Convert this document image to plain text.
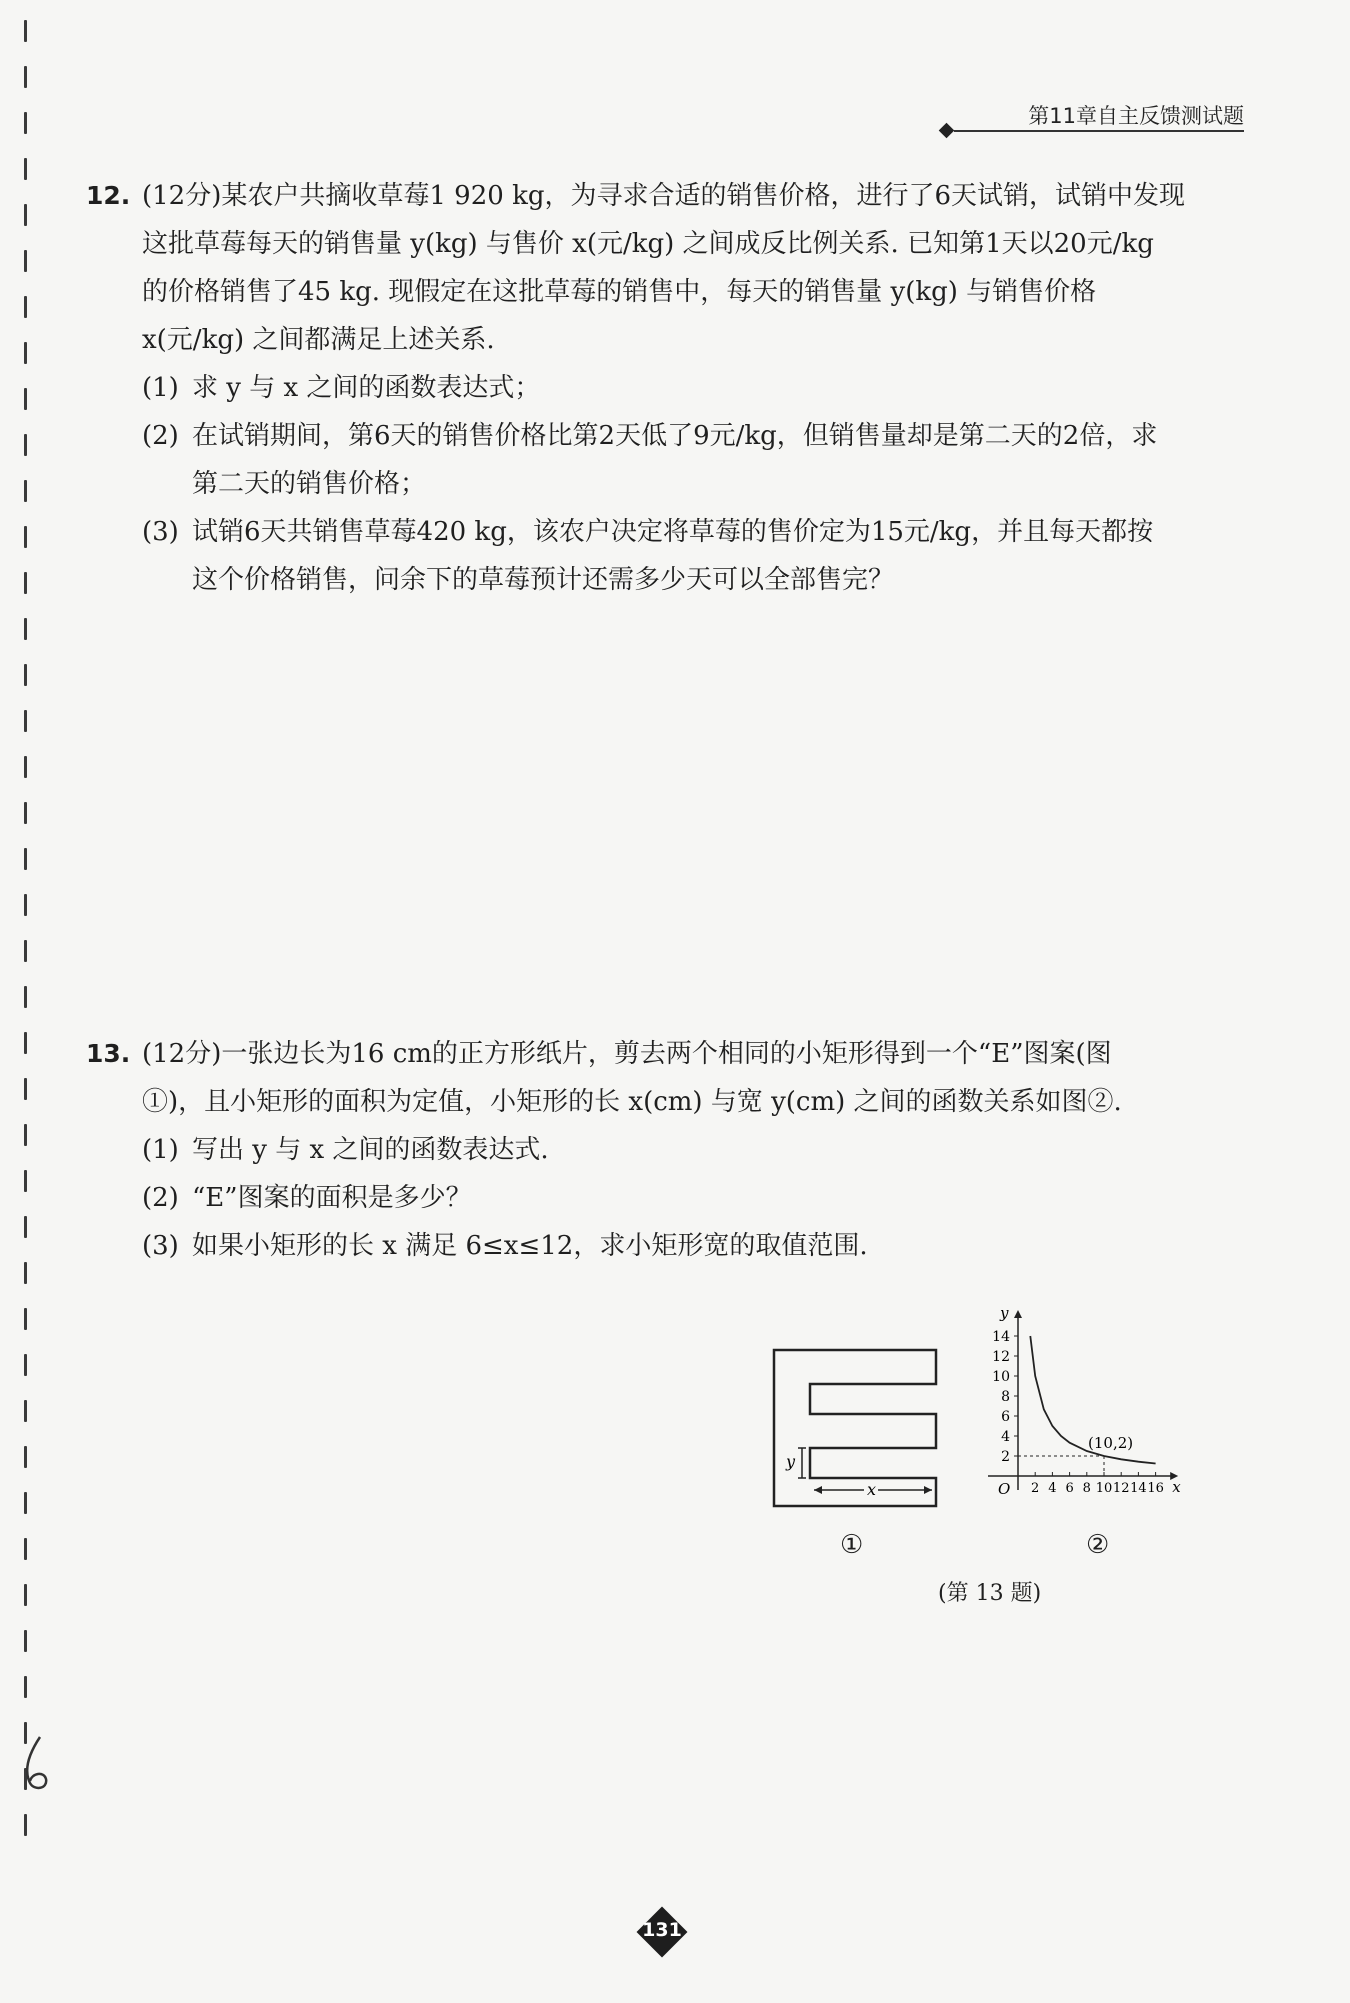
第11章自主反馈测试题
12. (12分)某农户共摘收草莓1 920 kg，为寻求合适的销售价格，进行了6天试销，试销中发现
这批草莓每天的销售量 y(kg) 与售价 x(元/kg) 之间成反比例关系. 已知第1天以20元/kg
的价格销售了45 kg. 现假定在这批草莓的销售中，每天的销售量 y(kg) 与销售价格
x(元/kg) 之间都满足上述关系.
(1) 求 y 与 x 之间的函数表达式；
(2) 在试销期间，第6天的销售价格比第2天低了9元/kg，但销售量却是第二天的2倍，求
第二天的销售价格；
(3) 试销6天共销售草莓420 kg，该农户决定将草莓的售价定为15元/kg，并且每天都按
这个价格销售，问余下的草莓预计还需多少天可以全部售完？
13. (12分)一张边长为16 cm的正方形纸片，剪去两个相同的小矩形得到一个“E”图案(图
①)，且小矩形的面积为定值，小矩形的长 x(cm) 与宽 y(cm) 之间的函数关系如图②.
(1) 写出 y 与 x 之间的函数表达式.
(2) “E”图案的面积是多少？
(3) 如果小矩形的长 x 满足 6≤x≤12，求小矩形宽的取值范围.
y
x
①
x
y
O
14
12
10
8
6
4
2
2 4 6 8 10 12 14 16
(10,2)
②
(第 13 题)
131
